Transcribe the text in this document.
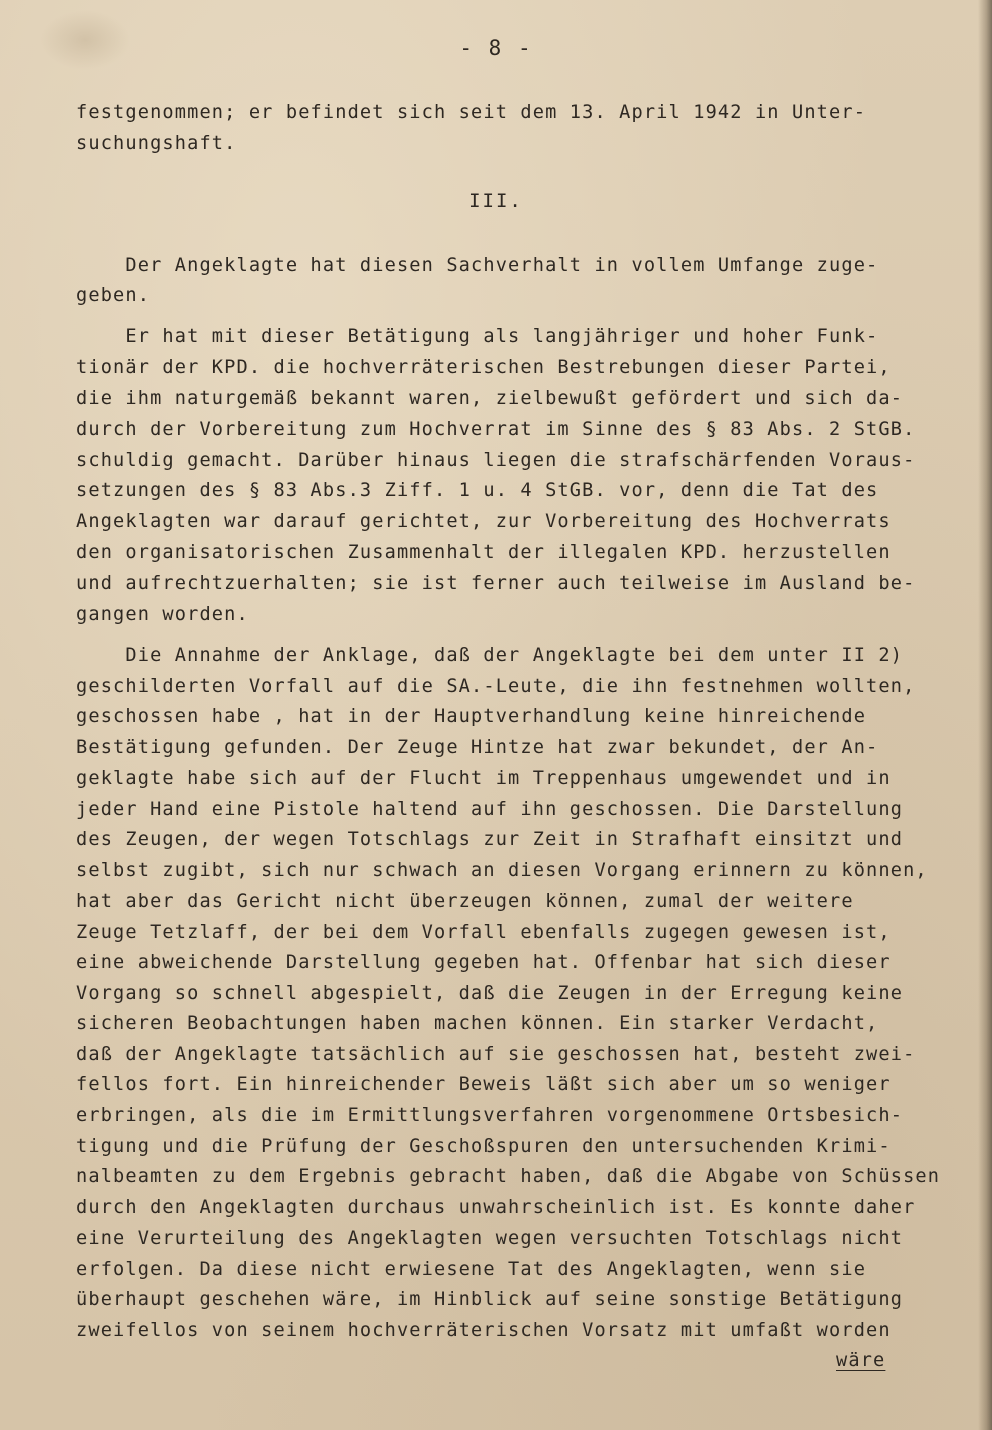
- 8 -
festgenommen; er befindet sich seit dem 13. April 1942 in Unter-
suchungshaft.
III.
Der Angeklagte hat diesen Sachverhalt in vollem Umfange zuge-
geben.
Er hat mit dieser Betätigung als langjähriger und hoher Funk-
tionär der KPD. die hochverräterischen Bestrebungen dieser Partei,
die ihm naturgemäß bekannt waren, zielbewußt gefördert und sich da-
durch der Vorbereitung zum Hochverrat im Sinne des § 83 Abs. 2 StGB.
schuldig gemacht. Darüber hinaus liegen die strafschärfenden Voraus-
setzungen des § 83 Abs.3 Ziff. 1 u. 4 StGB. vor, denn die Tat des
Angeklagten war darauf gerichtet, zur Vorbereitung des Hochverrats
den organisatorischen Zusammenhalt der illegalen KPD. herzustellen
und aufrechtzuerhalten; sie ist ferner auch teilweise im Ausland be-
gangen worden.
Die Annahme der Anklage, daß der Angeklagte bei dem unter II 2)
geschilderten Vorfall auf die SA.-Leute, die ihn festnehmen wollten,
geschossen habe , hat in der Hauptverhandlung keine hinreichende
Bestätigung gefunden. Der Zeuge Hintze hat zwar bekundet, der An-
geklagte habe sich auf der Flucht im Treppenhaus umgewendet und in
jeder Hand eine Pistole haltend auf ihn geschossen. Die Darstellung
des Zeugen, der wegen Totschlags zur Zeit in Strafhaft einsitzt und
selbst zugibt, sich nur schwach an diesen Vorgang erinnern zu können,
hat aber das Gericht nicht überzeugen können, zumal der weitere
Zeuge Tetzlaff, der bei dem Vorfall ebenfalls zugegen gewesen ist,
eine abweichende Darstellung gegeben hat. Offenbar hat sich dieser
Vorgang so schnell abgespielt, daß die Zeugen in der Erregung keine
sicheren Beobachtungen haben machen können. Ein starker Verdacht,
daß der Angeklagte tatsächlich auf sie geschossen hat, besteht zwei-
fellos fort. Ein hinreichender Beweis läßt sich aber um so weniger
erbringen, als die im Ermittlungsverfahren vorgenommene Ortsbesich-
tigung und die Prüfung der Geschoßspuren den untersuchenden Krimi-
nalbeamten zu dem Ergebnis gebracht haben, daß die Abgabe von Schüssen
durch den Angeklagten durchaus unwahrscheinlich ist. Es konnte daher
eine Verurteilung des Angeklagten wegen versuchten Totschlags nicht
erfolgen. Da diese nicht erwiesene Tat des Angeklagten, wenn sie
überhaupt geschehen wäre, im Hinblick auf seine sonstige Betätigung
zweifellos von seinem hochverräterischen Vorsatz mit umfaßt worden
wäre
